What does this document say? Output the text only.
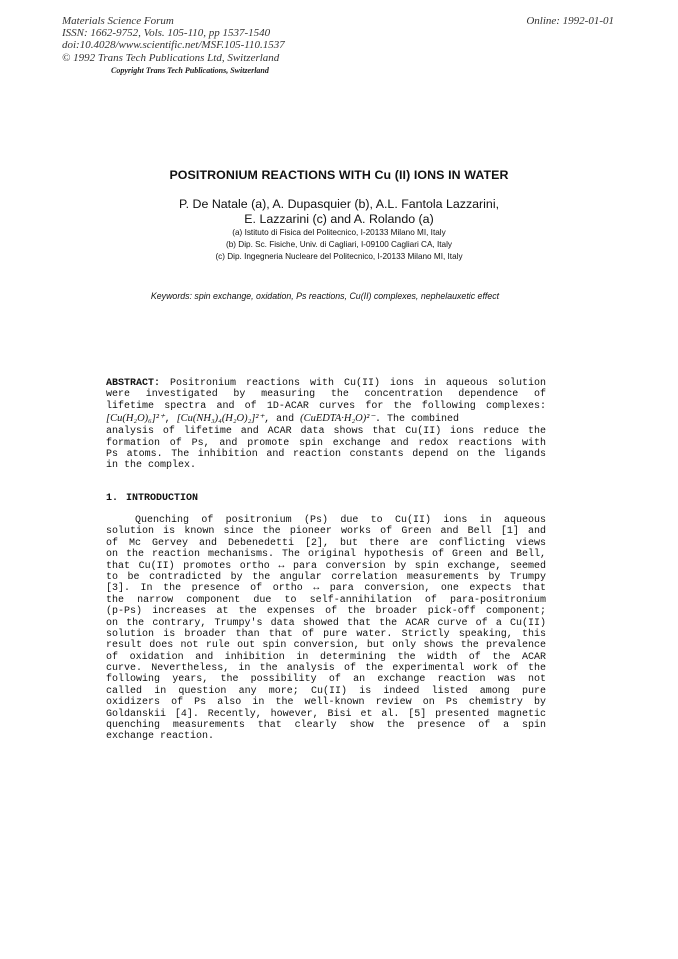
Materials Science Forum
ISSN: 1662-9752, Vols. 105-110, pp 1537-1540
doi:10.4028/www.scientific.net/MSF.105-110.1537
© 1992 Trans Tech Publications Ltd, Switzerland
Online: 1992-01-01
Copyright Trans Tech Publications, Switzerland
POSITRONIUM REACTIONS WITH Cu (II) IONS IN WATER
P. De Natale (a), A. Dupasquier (b), A.L. Fantola Lazzarini,
E. Lazzarini (c) and A. Rolando (a)
(a) Istituto di Fisica del Politecnico, I-20133 Milano MI, Italy
(b) Dip. Sc. Fisiche, Univ. di Cagliari, I-09100 Cagliari CA, Italy
(c) Dip. Ingegneria Nucleare del Politecnico, I-20133 Milano MI, Italy
Keywords: spin exchange, oxidation, Ps reactions, Cu(II) complexes, nephelauxetic effect
ABSTRACT: Positronium reactions with Cu(II) ions in aqueous solution
were investigated by measuring the concentration dependence of
lifetime spectra and of 1D-ACAR curves for the following complexes:
[Cu(H₂O)₆]²⁺, [Cu(NH₃)₄(H₂O)₂]²⁺, and (CuEDTA·H₂O)²⁻. The combined
analysis of lifetime and ACAR data shows that Cu(II) ions reduce the
formation of Ps, and promote spin exchange and redox reactions with
Ps atoms. The inhibition and reaction constants depend on the ligands
in the complex.
1. INTRODUCTION
Quenching of positronium (Ps) due to Cu(II) ions in aqueous
solution is known since the pioneer works of Green and Bell [1] and
of Mc Gervey and Debenedetti [2], but there are conflicting views
on the reaction mechanisms. The original hypothesis of Green and Bell,
that Cu(II) promotes ortho ↔ para conversion by spin exchange, seemed
to be contradicted by the angular correlation measurements by Trumpy
[3]. In the presence of ortho ↔ para conversion, one expects that
the narrow component due to self-annihilation of para-positronium
(p-Ps) increases at the expenses of the broader pick-off component;
on the contrary, Trumpy's data showed that the ACAR curve of a Cu(II)
solution is broader than that of pure water. Strictly speaking, this
result does not rule out spin conversion, but only shows the prevalence
of oxidation and inhibition in determining the width of the ACAR
curve. Nevertheless, in the analysis of the experimental work of the
following years, the possibility of an exchange reaction was not
called in question any more; Cu(II) is indeed listed among pure
oxidizers of Ps also in the well-known review on Ps chemistry by
Goldanskii [4]. Recently, however, Bisi et al. [5] presented magnetic
quenching measurements that clearly show the presence of a spin
exchange reaction.
